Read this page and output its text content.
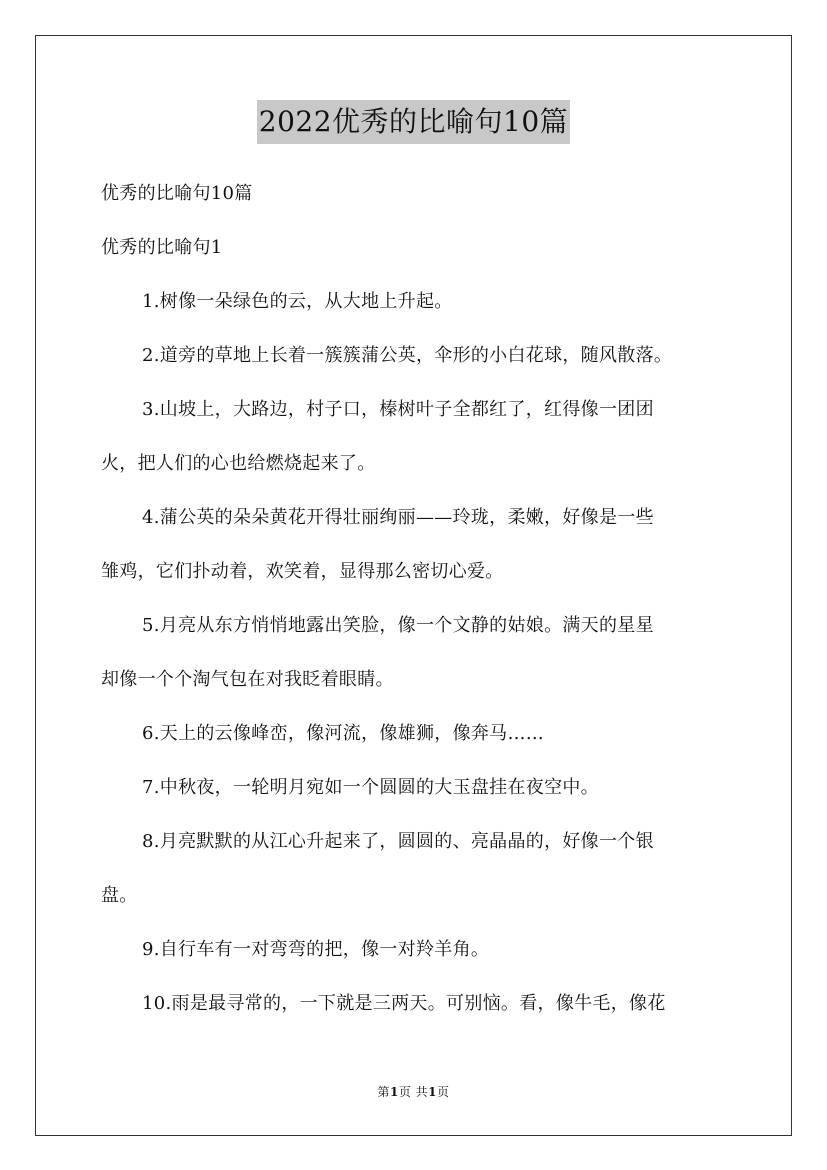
2022优秀的比喻句10篇
优秀的比喻句10篇
优秀的比喻句1
1.树像一朵绿色的云，从大地上升起。
2.道旁的草地上长着一簇簇蒲公英，伞形的小白花球，随风散落。
3.山坡上，大路边，村子口，榛树叶子全都红了，红得像一团团
火，把人们的心也给燃烧起来了。
4.蒲公英的朵朵黄花开得壮丽绚丽——玲珑，柔嫩，好像是一些
雏鸡，它们扑动着，欢笑着，显得那么密切心爱。
5.月亮从东方悄悄地露出笑脸，像一个文静的姑娘。满天的星星
却像一个个淘气包在对我眨着眼睛。
6.天上的云像峰峦，像河流，像雄狮，像奔马……
7.中秋夜，一轮明月宛如一个圆圆的大玉盘挂在夜空中。
8.月亮默默的从江心升起来了，圆圆的、亮晶晶的，好像一个银
盘。
9.自行车有一对弯弯的把，像一对羚羊角。
10.雨是最寻常的，一下就是三两天。可别恼。看，像牛毛，像花
第1页 共1页
